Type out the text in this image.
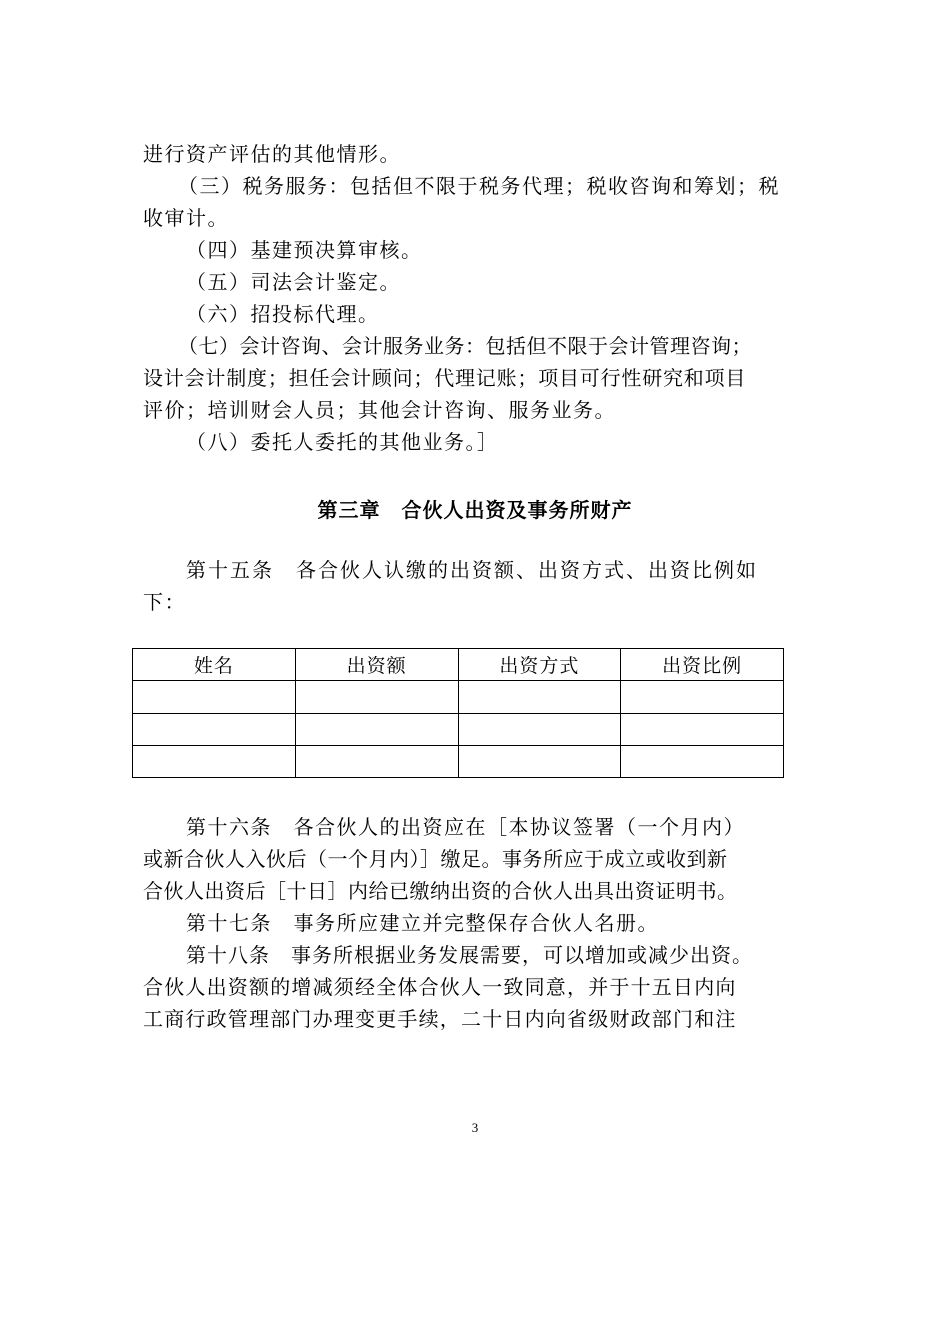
进行资产评估的其他情形。
（三）税务服务：包括但不限于税务代理；税收咨询和筹划；税
收审计。
（四）基建预决算审核。
（五）司法会计鉴定。
（六）招投标代理。
（七）会计咨询、会计服务业务：包括但不限于会计管理咨询；
设计会计制度；担任会计顾问；代理记账；项目可行性研究和项目
评价；培训财会人员；其他会计咨询、服务业务。
（八）委托人委托的其他业务。］
第三章　合伙人出资及事务所财产
第十五条　各合伙人认缴的出资额、出资方式、出资比例如
下：
姓名	出资额	出资方式	出资比例

第十六条　各合伙人的出资应在［本协议签署（一个月内）
或新合伙人入伙后（一个月内）］缴足。事务所应于成立或收到新
合伙人出资后［十日］内给已缴纳出资的合伙人出具出资证明书。
第十七条　事务所应建立并完整保存合伙人名册。
第十八条　事务所根据业务发展需要，可以增加或减少出资。
合伙人出资额的增减须经全体合伙人一致同意，并于十五日内向
工商行政管理部门办理变更手续，二十日内向省级财政部门和注
3
